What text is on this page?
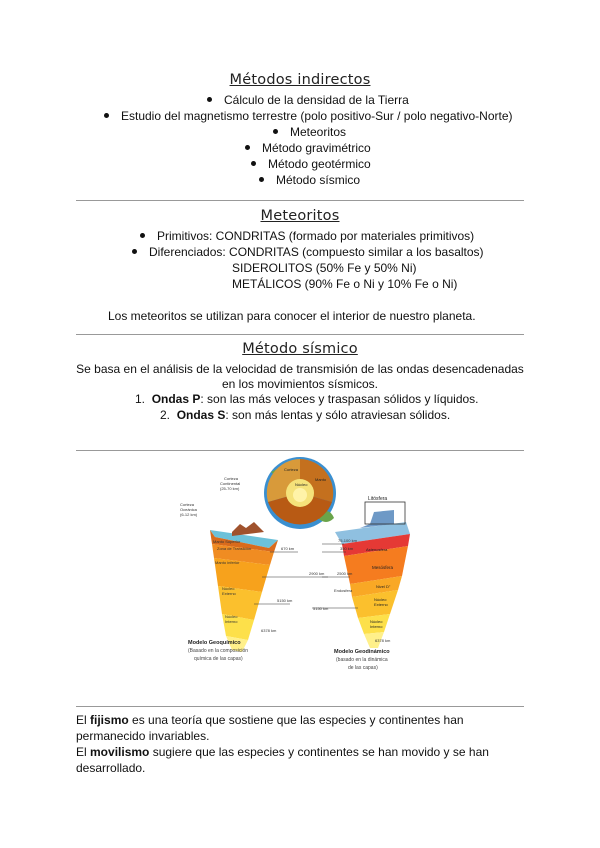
Métodos indirectos
Cálculo de la densidad de la Tierra
Estudio del magnetismo terrestre (polo positivo-Sur / polo negativo-Norte)
Meteoritos
Método gravimétrico
Método geotérmico
Método sísmico
Meteoritos
Primitivos: CONDRITAS (formado por materiales primitivos)
Diferenciados: CONDRITAS (compuesto similar a los basaltos)
SIDEROLITOS (50% Fe y 50% Ni)
METÁLICOS (90% Fe o Ni y 10% Fe o Ni)
Los meteoritos se utilizan para conocer el interior de nuestro planeta.
Método sísmico
Se basa en el análisis de la velocidad de transmisión de las ondas desencadenadas
en los movimientos sísmicos.
1. Ondas P: son las más veloces y traspasan sólidos y líquidos.
2. Ondas S: son más lentas y sólo atraviesan sólidos.
Corteza
Manto
Núcleo
Manto Superior
Zona de Transición
Manto inferior
Núcleo
Externo
Núcleo
Interno
Corteza
Continental
(25-70 km)
Corteza
Oceánica
(6-12 km)
670 km
2900 km
5150 km
6378 km
Modelo Geoquímico
(Basado en la composición
química de las capas)
Litósfera
Astenosfera
Mesósfera
Nivel D"
Núcleo
Externo
Núcleo
Interno
75-100 km
350 km
2500 km
Endosfera
5150 km
6378 km
Modelo Geodinámico
(basado en la dinámica
de las capas)
El fijismo es una teoría que sostiene que las especies y continentes han
permanecido invariables.
El movilismo sugiere que las especies y continentes se han movido y se han
desarrollado.
